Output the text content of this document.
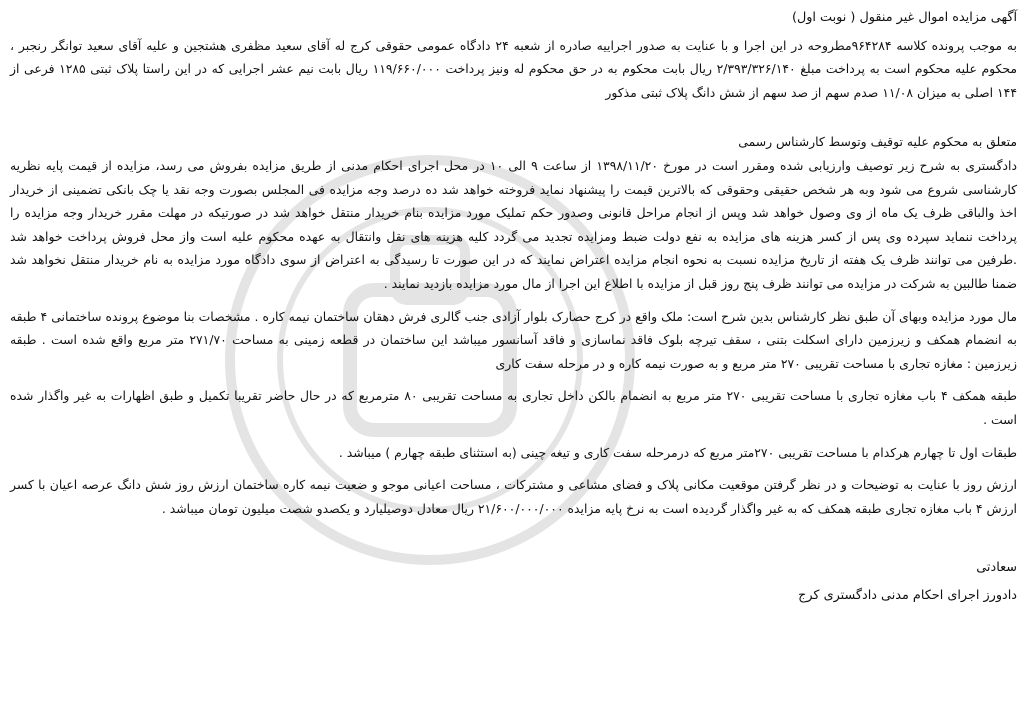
آگهی مزایده اموال غیر منقول ( نوبت اول)

به موجب پرونده کلاسه ۹۶۴۲۸۴مطروحه در این اجرا و با عنایت به صدور اجراییه صادره از شعبه ۲۴ دادگاه عمومی حقوقی کرج له آقای سعید مظفری هشتجین و علیه آقای سعید توانگر رنجبر ، محکوم علیه محکوم است به پرداخت مبلغ ۲/۳۹۳/۳۲۶/۱۴۰ ریال بابت محکوم به در حق محکوم له ونیز پرداخت ۱۱۹/۶۶۰/۰۰۰ ریال بابت نیم عشر اجرایی که در این راستا پلاک ثبتی ۱۲۸۵ فرعی از ۱۴۴ اصلی به میزان ۱۱/۰۸ صدم سهم از صد سهم از شش دانگ پلاک ثبتی مذکور

متعلق به محکوم علیه توقیف وتوسط کارشناس رسمی

دادگستری به شرح زیر توصیف وارزیابی شده ومقرر است در مورخ ۱۳۹۸/۱۱/۲۰ از ساعت ۹ الی ۱۰ در محل اجرای احکام مدنی از طریق مزایده بفروش می رسد، مزایده از قیمت پایه نظریه کارشناسی شروع می شود وبه هر شخص حقیقی وحقوقی که بالاترین قیمت را پیشنهاد نماید فروخته خواهد شد ده درصد وجه مزایده فی المجلس بصورت وجه نقد یا چک بانکی تضمینی از خریدار اخذ والباقی ظرف یک ماه از وی وصول خواهد شد وپس از انجام مراحل قانونی وصدور حکم تملیک مورد مزایده بنام خریدار منتقل خواهد شد در صورتیکه در مهلت مقرر خریدار وجه مزایده را پرداخت ننماید سپرده وی پس از کسر هزینه های مزایده به نفع دولت ضبط ومزایده تجدید می گردد کلیه هزینه های نقل وانتقال به عهده محکوم علیه است واز محل فروش پرداخت خواهد شد .طرفین می توانند ظرف یک هفته از تاریخ مزایده نسبت به نحوه انجام مزایده اعتراض نمایند که در این صورت تا رسیدگی به اعتراض از سوی دادگاه مورد مزایده به نام خریدار منتقل نخواهد شد ضمنا طالبین به شرکت در مزایده می توانند ظرف پنج روز قبل از مزایده با اطلاع این اجرا از مال مورد مزایده بازدید نمایند .

مال مورد مزایده وبهای آن طبق نظر کارشناس بدین شرح است: ملک واقع در کرج حصارک بلوار آزادی جنب گالری فرش دهقان ساختمان نیمه کاره . مشخصات بنا موضوع پرونده ساختمانی ۴ طبقه به انضمام همکف و زیرزمین دارای اسکلت بتنی ، سقف تیرچه بلوک فاقد نماسازی و فاقد آسانسور میباشد این ساختمان در قطعه زمینی به مساحت ۲۷۱/۷۰ متر مربع واقع شده است . طبقه زیرزمین : مغازه تجاری با مساحت تقریبی ۲۷۰ متر مربع و به صورت نیمه کاره و در مرحله سفت کاری

طبقه همکف ۴ باب مغازه تجاری با مساحت تقریبی ۲۷۰ متر مربع به انضمام بالکن داخل تجاری به مساحت تقریبی ۸۰ مترمربع که در حال حاضر تقریبا تکمیل و طبق اظهارات به غیر واگذار شده است .

طبقات اول تا چهارم هرکدام با مساحت تقریبی ۲۷۰متر مربع که درمرحله سفت کاری و تیغه چینی (به استثنای طبقه چهارم ) میباشد .

ارزش روز با عنایت به توضیحات و در نظر گرفتن موقعیت مکانی پلاک و فضای مشاعی و مشترکات ، مساحت اعیانی موجو و ضعیت نیمه کاره ساختمان ارزش روز شش دانگ عرصه اعیان با کسر ارزش ۴ باب مغازه تجاری طبقه همکف که به غیر واگذار گردیده است به نرخ پایه مزایده ۲۱/۶۰۰/۰۰۰/۰۰۰ ریال معادل دوصیلیارد و یکصدو شصت میلیون تومان میباشد .

سعادتی

دادورز اجرای احکام مدنی دادگستری کرج
